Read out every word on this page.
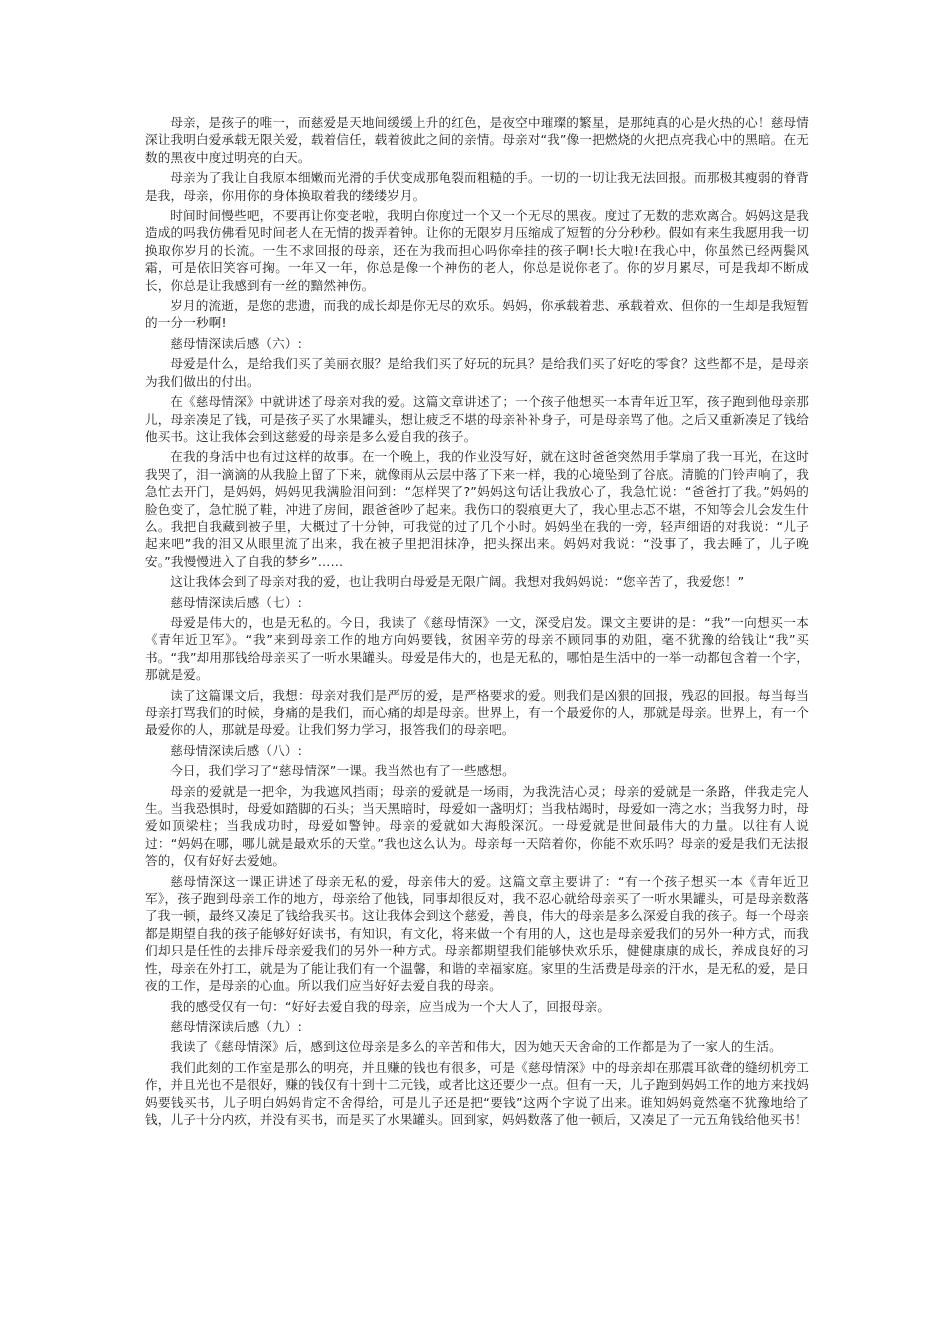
母亲，是孩子的唯一，而慈爱是天地间缓缓上升的红色，是夜空中璀璨的繁星，是那纯真的心是火热的心！慈母情深让我明白爱承载无限关爱，载着信任，载着彼此之间的亲情。母亲对“我”像一把燃烧的火把点亮我心中的黑暗。在无数的黑夜中度过明亮的白天。

母亲为了我让自我原本细嫩而光滑的手伏变成那龟裂而粗糙的手。一切的一切让我无法回报。而那极其瘦弱的脊背是我，母亲，你用你的身体换取着我的缕缕岁月。

时间时间慢些吧，不要再让你变老啦，我明白你度过一个又一个无尽的黑夜。度过了无数的悲欢离合。妈妈这是我造成的吗我仿佛看见时间老人在无情的拨弄着钟。让你的无限岁月压缩成了短暂的分分秒秒。假如有来生我愿用我一切换取你岁月的长流。一生不求回报的母亲，还在为我而担心吗你牵挂的孩子啊!长大啦!在我心中，你虽然已经两鬓风霜，可是依旧笑容可掬。一年又一年，你总是像一个神伤的老人，你总是说你老了。你的岁月累尽，可是我却不断成长，你总是让我感到有一丝的黯然神伤。

岁月的流逝，是您的悲遗，而我的成长却是你无尽的欢乐。妈妈，你承载着悲、承载着欢、但你的一生却是我短暂的一分一秒啊!

慈母情深读后感（六）:

母爱是什么，是给我们买了美丽衣服？是给我们买了好玩的玩具？是给我们买了好吃的零食？这些都不是，是母亲为我们做出的付出。

在《慈母情深》中就讲述了母亲对我的爱。这篇文章讲述了；一个孩子他想买一本青年近卫军，孩子跑到他母亲那儿，母亲凑足了钱，可是孩子买了水果罐头，想让疲乏不堪的母亲补补身子，可是母亲骂了他。之后又重新凑足了钱给他买书。这让我体会到这慈爱的母亲是多么爱自我的孩子。

在我的身活中也有过这样的故事。在一个晚上，我的作业没写好，就在这时爸爸突然用手掌扇了我一耳光，在这时我哭了，泪一滴滴的从我脸上留了下来，就像雨从云层中落了下来一样，我的心境坠到了谷底。清脆的门铃声响了，我急忙去开门，是妈妈，妈妈见我满脸泪问到：“怎样哭了?”妈妈这句话让我放心了，我急忙说：“爸爸打了我。”妈妈的脸色变了，急忙脱了鞋，冲进了房间，跟爸爸吵了起来。我伤口的裂痕更大了，我心里忐忑不堪，不知等会儿会发生什么。我把自我藏到被子里，大概过了十分钟，可我觉的过了几个小时。妈妈坐在我的一旁，轻声细语的对我说：“儿子起来吧”我的泪又从眼里流了出来，我在被子里把泪抹净，把头探出来。妈妈对我说：“没事了，我去睡了，儿子晚安。”我慢慢进入了自我的梦乡”……

这让我体会到了母亲对我的爱，也让我明白母爱是无限广阔。我想对我妈妈说：“您辛苦了，我爱您！”

慈母情深读后感（七）:

母爱是伟大的，也是无私的。今日，我读了《慈母情深》一文，深受启发。课文主要讲的是：“我”一向想买一本《青年近卫军》。“我”来到母亲工作的地方向妈要钱，贫困辛劳的母亲不顾同事的劝阻，毫不犹豫的给钱让“我”买书。“我”却用那钱给母亲买了一听水果罐头。母爱是伟大的，也是无私的，哪怕是生活中的一举一动都包含着一个字，那就是爱。

读了这篇课文后，我想：母亲对我们是严厉的爱，是严格要求的爱。则我们是凶狠的回报，残忍的回报。每当每当母亲打骂我们的时候，身痛的是我们，而心痛的却是母亲。世界上，有一个最爱你的人，那就是母亲。世界上，有一个最爱你的人，那就是母爱。让我们努力学习，报答我们的母亲吧。

慈母情深读后感（八）:

今日，我们学习了“慈母情深”一课。我当然也有了一些感想。

母亲的爱就是一把伞，为我遮风挡雨；母亲的爱就是一场雨，为我洗洁心灵；母亲的爱就是一条路，伴我走完人生。当我恐惧时，母爱如踏脚的石头；当天黑暗时，母爱如一盏明灯；当我枯竭时，母爱如一湾之水；当我努力时，母爱如顶梁柱；当我成功时，母爱如警钟。母亲的爱就如大海般深沉。一母爱就是世间最伟大的力量。以往有人说过：“妈妈在哪，哪儿就是最欢乐的天堂。”我也这么认为。母亲每一天陪着你，你能不欢乐吗？母亲的爱是我们无法报答的，仅有好好去爱她。

慈母情深这一课正讲述了母亲无私的爱，母亲伟大的爱。这篇文章主要讲了：“有一个孩子想买一本《青年近卫军》，孩子跑到母亲工作的地方，母亲给了他钱，同事却很反对，我不忍心就给母亲买了一听水果罐头，可是母亲数落了我一顿，最终又凑足了钱给我买书。这让我体会到这个慈爱，善良，伟大的母亲是多么深爱自我的孩子。每一个母亲都是期望自我的孩子能够好好读书，有知识，有文化，将来做一个有用的人，这也是母亲爱我们的另外一种方式，而我们却只是任性的去排斥母亲爱我们的另外一种方式。母亲都期望我们能够快欢乐乐，健健康康的成长，养成良好的习性，母亲在外打工，就是为了能让我们有一个温馨，和谐的幸福家庭。家里的生活费是母亲的汗水，是无私的爱，是日夜的工作，是母亲的心血。所以我们应当好好去爱自我的母亲。

我的感受仅有一句：“好好去爱自我的母亲，应当成为一个大人了，回报母亲。

慈母情深读后感（九）:

我读了《慈母情深》后，感到这位母亲是多么的辛苦和伟大，因为她天天舍命的工作都是为了一家人的生活。

我们此刻的工作室是那么的明亮，并且赚的钱也有很多，可是《慈母情深》中的母亲却在那震耳欲聋的缝纫机旁工作，并且光也不是很好，赚的钱仅有十到十二元钱，或者比这还要少一点。但有一天，儿子跑到妈妈工作的地方来找妈妈要钱买书，儿子明白妈妈肯定不舍得给，可是儿子还是把“要钱”这两个字说了出来。谁知妈妈竟然毫不犹豫地给了钱，儿子十分内疚，并没有买书，而是买了水果罐头。回到家，妈妈数落了他一顿后，又凑足了一元五角钱给他买书！
